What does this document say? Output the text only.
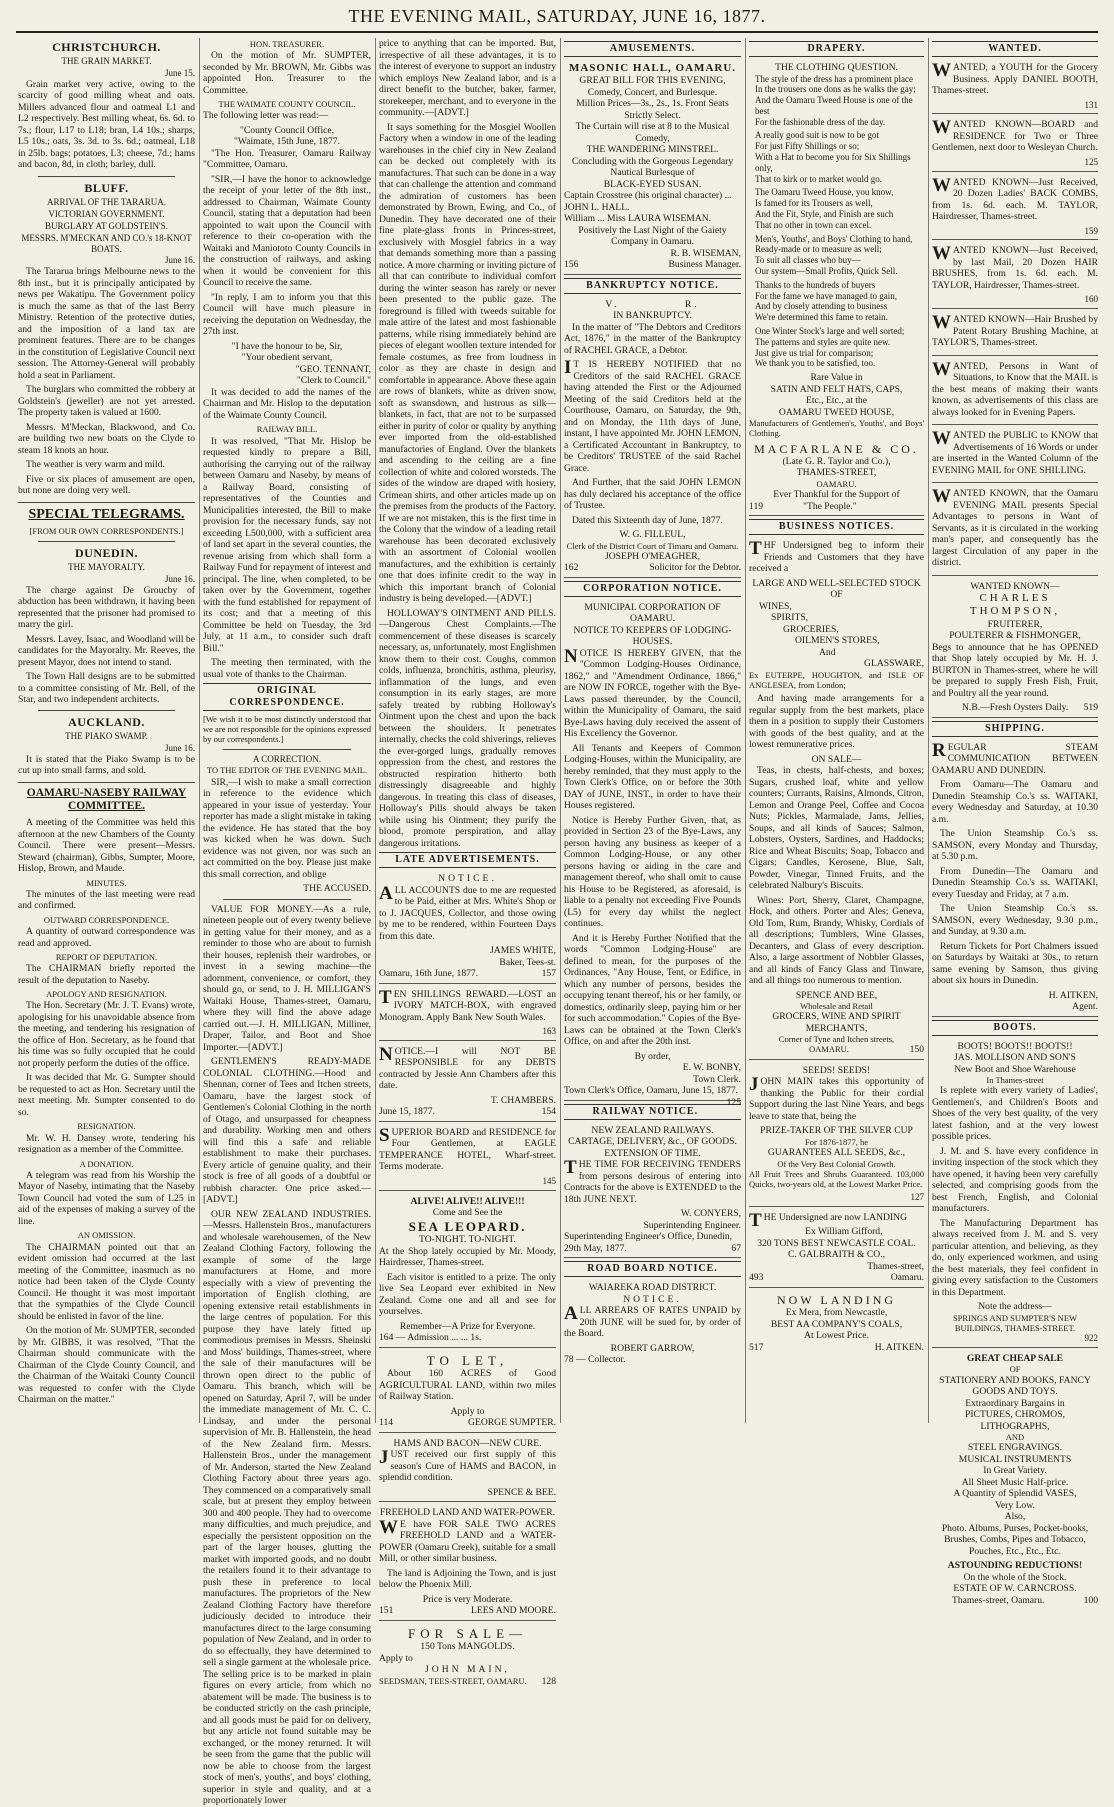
THE EVENING MAIL, SATURDAY, JUNE 16, 1877.
CHRISTCHURCH.
THE GRAIN MARKET.
June 15.

Grain market very active, owing to the scarcity of good milling wheat and oats. Millers advanced flour and oatmeal L1 and L2 respectively. Best milling wheat, 6s. 6d. to 7s.; flour, L17 to L18; bran, L4 10s.; sharps, L5 10s.; oats, 3s. 3d. to 3s. 6d.; oatmeal, L18 in 25lb. bags; potatoes, L3; cheese, 7d.; hams and bacon, 8d, in cloth; barley, dull.

BLUFF.
ARRIVAL OF THE TARARUA.
VICTORIAN GOVERNMENT.
BURGLARY AT GOLDSTEIN'S.
MESSRS. M'MECKAN AND CO.'s 18-KNOT BOATS.
June 16.

The Tararua brings Melbourne news to the 8th inst., but it is principally anticipated by news per Wakatipu. The Government policy is much the same as that of the last Berry Ministry. Retention of the protective duties, and the imposition of a land tax are prominent features. There are to be changes in the constitution of Legislative Council next session. The Attorney-General will probably hold a seat in Parliament.

The burglars who committed the robbery at Goldstein's (jeweller) are not yet arrested. The property taken is valued at 1600.

Messrs. M'Meckan, Blackwood, and Co. are building two new boats on the Clyde to steam 18 knots an hour.

The weather is very warm and mild.

Five or six places of amusement are open, but none are doing very well.

SPECIAL TELEGRAMS.
[FROM OUR OWN CORRESPONDENTS.]
DUNEDIN.
THE MAYORALTY.
June 16.

The charge against De Groucby of abduction has been withdrawn, it having been represented that the prisoner had promised to marry the girl.

Messrs. Lavey, Isaac, and Woodland will be candidates for the Mayoralty. Mr. Reeves, the present Mayor, does not intend to stand.

The Town Hall designs are to be submitted to a committee consisting of Mr. Bell, of the Star, and two independent architects.

AUCKLAND.
THE PIAKO SWAMP.
June 16.

It is stated that the Piako Swamp is to be cut up into small farms, and sold.

OAMARU-NASEBY RAILWAY COMMITTEE.

A meeting of the Committee was held this afternoon at the new Chambers of the County Council. There were present—Messrs. Steward (chairman), Gibbs, Sumpter, Moore, Hislop, Brown, and Maude.

MINUTES.

The minutes of the last meeting were read and confirmed.

OUTWARD CORRESPONDENCE.

A quantity of outward correspondence was read and approved.

REPORT OF DEPUTATION.

The CHAIRMAN briefly reported the result of the deputation to Naseby.

APOLOGY AND RESIGNATION.

The Hon. Secretary (Mr. J. T. Evans) wrote, apologising for his unavoidable absence from the meeting, and tendering his resignation of the office of Hon. Secretary, as he found that his time was so fully occupied that he could not properly perform the duties of the office.

It was decided that Mr. G. Sumpter should be requested to act as Hon. Secretary until the next meeting. Mr. Sumpter consented to do so.

RESIGNATION.

Mr. W. H. Dansey wrote, tendering his resignation as a member of the Committee.

A DONATION.

A telegram was read from his Worship the Mayor of Naseby, intimating that the Naseby Town Council had voted the sum of L25 in aid of the expenses of making a survey of the line.

AN OMISSION.

The CHAIRMAN pointed out that an evident omission had occurred at the last meeting of the Committee, inasmuch as no notice had been taken of the Clyde County Council. He thought it was most important that the sympathies of the Clyde Council should be enlisted in favor of the line.

On the motion of Mr. SUMPTER, seconded by Mr. GIBBS, it was resolved, "That the Chairman should communicate with the Chairman of the Clyde County Council, and the Chairman of the Waitaki County Council was requested to confer with the Clyde Chairman on the matter."

HON. TREASURER.

On the motion of Mr. SUMPTER, seconded by Mr. BROWN, Mr. Gibbs was appointed Hon. Treasurer to the Committee.

THE WAIMATE COUNTY COUNCIL.

The following letter was read:—

"County Council Office,
"Waimate, 15th June, 1877.

"The Hon. Treasurer, Oamaru Railway "Committee, Oamaru.

"SIR,—I have the honor to acknowledge the receipt of your letter of the 8th inst., addressed to Chairman, Waimate County Council, stating that a deputation had been appointed to wait upon the Council with reference to their co-operation with the Waitaki and Maniototo County Councils in the construction of railways, and asking when it would be convenient for this Council to receive the same.

"In reply, I am to inform you that this Council will have much pleasure in receiving the deputation on Wednesday, the 27th inst.

"I have the honour to be, Sir,
"Your obedient servant,
"GEO. TENNANT,
"Clerk to Council."

It was decided to add the names of the Chairman and Mr. Hislop to the deputation of the Waimate County Council.

RAILWAY BILL.

It was resolved, "That Mr. Hislop be requested kindly to prepare a Bill, authorising the carrying out of the railway between Oamaru and Naseby, by means of a Railway Board, consisting of representatives of the Counties and Municipalities interested, the Bill to make provision for the necessary funds, say not exceeding L500,000, with a sufficient area of land set apart in the several counties, the revenue arising from which shall form a Railway Fund for repayment of interest and principal. The line, when completed, to be taken over by the Government, together with the fund established for repayment of its cost; and that a meeting of this Committee be held on Tuesday, the 3rd July, at 11 a.m., to consider such draft Bill."

The meeting then terminated, with the usual vote of thanks to the Chairman.

ORIGINAL CORRESPONDENCE.

[We wish it to be most distinctly understood that we are not responsible for the opinions expressed by our correspondents.]

A CORRECTION.
TO THE EDITOR OF THE EVENING MAIL.

SIR,—I wish to make a small correction in reference to the evidence which appeared in your issue of yesterday. Your reporter has made a slight mistake in taking the evidence. He has stated that the boy was kicked when he was down. Such evidence was not given, nor was such an act committed on the boy. Please just make this small correction, and oblige

THE ACCUSED.

VALUE FOR MONEY.—As a rule, nineteen people out of every twenty believe in getting value for their money, and as a reminder to those who are about to furnish their houses, replenish their wardrobes, or invest in a sewing machine—the adornment, convenience, or comfort, they should go, or send, to J. H. MILLIGAN'S Waitaki House, Thames-street, Oamaru, where they will find the above adage carried out.—J. H. MILLIGAN, Milliner, Draper, Tailor, and Boot and Shoe Importer.—[ADVT.]

GENTLEMEN'S READY-MADE COLONIAL CLOTHING.—Hood and Shennan, corner of Tees and Itchen streets, Oamaru, have the largest stock of Gentlemen's Colonial Clothing in the north of Otago, and unsurpassed for cheapness and durability. Working men and others will find this a safe and reliable establishment to make their purchases. Every article of genuine quality, and their stock is free of all goods of a doubtful or rubbish character. One price asked.—[ADVT.]

OUR NEW ZEALAND INDUSTRIES.—Messrs. Hallenstein Bros., manufacturers and wholesale warehousemen, of the New Zealand Clothing Factory, following the example of some of the large manufacturers at Home, and more especially with a view of preventing the importation of English clothing, are opening extensive retail establishments in the large centres of population. For this purpose they have lately fitted up commodious premises in Messrs. Sheinski and Moss' buildings, Thames-street, where the sale of their manufactures will be thrown open direct to the public of Oamaru. This branch, which will be opened on Saturday, April 7, will be under the immediate management of Mr. C. C. Lindsay, and under the personal supervision of Mr. B. Hallenstein, the head of the New Zealand firm. Messrs. Hallenstein Bros., under the management of Mr. Anderson, started the New Zealand Clothing Factory about three years ago. They commenced on a comparatively small scale, but at present they employ between 300 and 400 people. They had to overcome many difficulties, and much prejudice, and especially the persistent opposition on the part of the larger houses, glutting the market with imported goods, and no doubt the retailers found it to their advantage to push these in preference to local manufactures. The proprietors of the New Zealand Clothing Factory have therefore judiciously decided to introduce their manufactures direct to the large consuming population of New Zealand, and in order to do so effectually, they have determined to sell a single garment at the wholesale price. The selling price is to be marked in plain figures on every article, from which no abatement will be made. The business is to be conducted strictly on the cash principle, and all goods must be paid for on delivery, but any article not found suitable may be exchanged, or the money returned. It will be seen from the game that the public will now be able to choose from the largest stock of men's, youths', and boys' clothing, superior in style and quality, and at a proportionately lower

price to anything that can be imported. But, irrespective of all these advantages, it is to the interest of everyone to support an industry which employs New Zealand labor, and is a direct benefit to the butcher, baker, farmer, storekeeper, merchant, and to everyone in the community.—[ADVT.]

It says something for the Mosgiel Woollen Factory when a window in one of the leading warehouses in the chief city in New Zealand can be decked out completely with its manufactures. That such can be done in a way that can challenge the attention and command the admiration of customers has been demonstrated by Brown, Ewing, and Co., of Dunedin. They have decorated one of their fine plate-glass fronts in Princes-street, exclusively with Mosgiel fabrics in a way that demands something more than a passing notice. A more charming or inviting picture of all that can contribute to individual comfort during the winter season has rarely or never been presented to the public gaze. The foreground is filled with tweeds suitable for male attire of the latest and most fashionable patterns, while rising immediately behind are pieces of elegant woollen texture intended for female costumes, as free from loudness in color as they are chaste in design and comfortable in appearance. Above these again are rows of blankets, white as driven snow, soft as swansdown, and lustrous as silk—blankets, in fact, that are not to be surpassed either in purity of color or quality by anything ever imported from the old-established manufactories of England. Over the blankets and ascending to the ceiling are a fine collection of white and colored worsteds. The sides of the window are draped with hosiery, Crimean shirts, and other articles made up on the premises from the products of the Factory. If we are not mistaken, this is the first time in the Colony that the window of a leading retail warehouse has been decorated exclusively with an assortment of Colonial woollen manufactures, and the exhibition is certainly one that does infinite credit to the way in which this important branch of Colonial industry is being developed.—[ADVT.]

HOLLOWAY'S OINTMENT AND PILLS.—Dangerous Chest Complaints.—The commencement of these diseases is scarcely necessary, as, unfortunately, most Englishmen know them to their cost. Coughs, common colds, influenza, bronchitis, asthma, pleurisy, inflammation of the lungs, and even consumption in its early stages, are more safely treated by rubbing Holloway's Ointment upon the chest and upon the back between the shoulders. It penetrates internally, checks the cold shiverings, relieves the ever-gorged lungs, gradually removes oppression from the chest, and restores the obstructed respiration hitherto both distressingly disagreeable and highly dangerous. In treating this class of diseases, Holloway's Pills should always be taken while using his Ointment; they purify the blood, promote perspiration, and allay dangerous irritations.

LATE ADVERTISEMENTS.
NOTICE.

ALL ACCOUNTS due to me are requested to be Paid, either at Mrs. White's Shop or to J. JACQUES, Collector, and those owing by me to be rendered, within Fourteen Days from this date.

JAMES WHITE,
Baker, Tees-st.
Oamaru, 16th June, 1877.	157

TEN SHILLINGS REWARD.—LOST an IVORY MATCH-BOX, with engraved Monogram. Apply Bank New South Wales.

163

NOTICE.—I will NOT BE RESPONSIBLE for any DEBTS contracted by Jessie Ann Chambers after this date.

T. CHAMBERS.
June 15, 1877.	154

SUPERIOR BOARD and RESIDENCE for Four Gentlemen, at EAGLE TEMPERANCE HOTEL, Wharf-street. Terms moderate.

145
ALIVE! ALIVE!! ALIVE!!!
Come and See the
SEA LEOPARD.
TO-NIGHT. TO-NIGHT.

At the Shop lately occupied by Mr. Moody, Hairdresser, Thames-street.

Each visitor is entitled to a prize. The only live Sea Leopard ever exhibited in New Zealand. Come one and all and see for yourselves.

Remember—A Prize for Everyone.
164 — Admission ... ... 1s.
TO LET,

About 160 ACRES of Good AGRICULTURAL LAND, within two miles of Railway Station.

Apply to
114	GEORGE SUMPTER.
HAMS AND BACON—NEW CURE.

JUST received our first supply of this season's Cure of HAMS and BACON, in splendid condition.

SPENCE & BEE.
FREEHOLD LAND AND WATER-POWER.

WE have FOR SALE TWO ACRES FREEHOLD LAND and a WATER-POWER (Oamaru Creek), suitable for a small Mill, or other similar business.

The land is Adjoining the Town, and is just below the Phoenix Mill.

Price is very Moderate.
151	LEES AND MOORE.
FOR SALE—
150 Tons MANGOLDS.
Apply to
JOHN MAIN,
SEEDSMAN, TEES-STREET, OAMARU. 128
AMUSEMENTS.
MASONIC HALL, OAMARU.
GREAT BILL FOR THIS EVENING,
Comedy, Concert, and Burlesque.
Million Prices—3s., 2s., 1s. Front Seats Strictly Select.
The Curtain will rise at 8 to the Musical Comedy,
THE WANDERING MINSTREL.
Concluding with the Gorgeous Legendary Nautical Burlesque of
BLACK-EYED SUSAN.
Captain Crosstree (his original character) ... JOHN L. HALL.
William ... Miss LAURA WISEMAN.
Positively the Last Night of the Gaiety Company in Oamaru.
R. B. WISEMAN,
156	Business Manager.
BANKRUPTCY NOTICE.
V. R.
IN BANKRUPTCY.

In the matter of "The Debtors and Creditors Act, 1876," in the matter of the Bankruptcy of RACHEL GRACE, a Debtor.

IT IS HEREBY NOTIFIED that no Creditors of the said RACHEL GRACE having attended the First or the Adjourned Meeting of the said Creditors held at the Courthouse, Oamaru, on Saturday, the 9th, and on Monday, the 11th days of June, instant, I have appointed Mr. JOHN LEMON, a Certificated Accountant in Bankruptcy, to be Creditors' TRUSTEE of the said Rachel Grace.

And Further, that the said JOHN LEMON has duly declared his acceptance of the office of Trustee.

Dated this Sixteenth day of June, 1877.

W. G. FILLEUL,
Clerk of the District Court of Timaru and Oamaru.
JOSEPH O'MEAGHER,
162	Solicitor for the Debtor.
CORPORATION NOTICE.
MUNICIPAL CORPORATION OF OAMARU.
NOTICE TO KEEPERS OF LODGING-HOUSES.

NOTICE IS HEREBY GIVEN, that the "Common Lodging-Houses Ordinance, 1862," and "Amendment Ordinance, 1866," are NOW IN FORCE, together with the Bye-Laws passed thereunder, by the Council, within the Municipality of Oamaru, the said Bye-Laws having duly received the assent of His Excellency the Governor.

All Tenants and Keepers of Common Lodging-Houses, within the Municipality, are hereby reminded, that they must apply to the Town Clerk's Office, on or before the 30th DAY of JUNE, INST., in order to have their Houses registered.

Notice is Hereby Further Given, that, as provided in Section 23 of the Bye-Laws, any person having any business as keeper of a Common Lodging-House, or any other persons having or aiding in the care and management thereof, who shall omit to cause his House to be Registered, as aforesaid, is liable to a penalty not exceeding Five Pounds (L5) for every day whilst the neglect continues.

And it is Hereby Further Notified that the words "Common Lodging-House" are defined to mean, for the purposes of the Ordinances, "Any House, Tent, or Edifice, in which any number of persons, besides the occupying tenant thereof, his or her family, or domestics, ordinarily sleep, paying him or her for such accommodation." Copies of the Bye-Laws can be obtained at the Town Clerk's Office, on and after the 20th inst.

By order,
E. W. BONBY,
Town Clerk.
Town Clerk's Office, Oamaru, June 15, 1877.
125
RAILWAY NOTICE.
NEW ZEALAND RAILWAYS.
CARTAGE, DELIVERY, &c., OF GOODS.
EXTENSION OF TIME.

THE TIME FOR RECEIVING TENDERS from persons desirous of entering into Contracts for the above is EXTENDED to the 18th JUNE NEXT.

W. CONYERS,
Superintending Engineer.
Superintending Engineer's Office, Dunedin, 29th May, 1877.	67
ROAD BOARD NOTICE.
WAIAREKA ROAD DISTRICT.
NOTICE.

ALL ARREARS OF RATES UNPAID by 20th JUNE will be sued for, by order of the Board.

ROBERT GARROW,
78 — Collector.
DRAPERY.
THE CLOTHING QUESTION.
The style of the dress has a prominent place
In the trousers one dons as he walks the gay;
And the Oamaru Tweed House is one of the best
For the fashionable dress of the day.
A really good suit is now to be got
For just Fifty Shillings or so;
With a Hat to become you for Six Shillings only,
That to kirk or to market would go.
The Oamaru Tweed House, you know,
Is famed for its Trousers as well,
And the Fit, Style, and Finish are such
That no other in town can excel.
Men's, Youths', and Boys' Clothing to hand,
Ready-made or to measure as well;
To suit all classes who buy—
Our system—Small Profits, Quick Sell.
Thanks to the hundreds of buyers
For the fame we have managed to gain,
And by closely attending to business
We're determined this fame to retain.
One Winter Stock's large and well sorted;
The patterns and styles are quite new.
Just give us trial for comparison;
We thank you to be satisfied, too.
Rare Value in
SATIN AND FELT HATS, CAPS,
Etc., Etc., at the
OAMARU TWEED HOUSE,

Manufacturers of Gentlemen's, Youths', and Boys' Clothing.

MACFARLANE & CO.
(Late G. R. Taylor and Co.),
THAMES-STREET,
OAMARU.
Ever Thankful for the Support of
119	"The People."
BUSINESS NOTICES.

THF Undersigned beg to inform their Friends and Customers that they have received a

LARGE AND WELL-SELECTED STOCK OF
WINES,
SPIRITS,
GROCERIES,
OILMEN'S STORES,
And
GLASSWARE,

Ex EUTERPE, HOUGHTON, and ISLE OF ANGLESEA, from London;

And having made arrangements for a regular supply from the best markets, place them in a position to supply their Customers with goods of the best quality, and at the lowest remunerative prices.

ON SALE—

Teas, in chests, half-chests, and boxes; Sugars, crushed loaf, white and yellow counters; Currants, Raisins, Almonds, Citron, Lemon and Orange Peel, Coffee and Cocoa Nuts; Pickles, Marmalade, Jams, Jellies, Soups, and all kinds of Sauces; Salmon, Lobsters, Oysters, Sardines, and Haddocks; Rice and Wheat Biscuits; Soap, Tobacco and Cigars; Candles, Kerosene, Blue, Salt, Powder, Vinegar, Tinned Fruits, and the celebrated Nalbury's Biscuits.

Wines: Port, Sherry, Claret, Champagne, Hock, and others. Porter and Ales; Geneva, Old Tom, Rum, Brandy, Whisky, Cordials of all descriptions; Tumblers, Wine Glasses, Decanters, and Glass of every description. Also, a large assortment of Nobbler Glasses, and all kinds of Fancy Glass and Tinware, and all things too numerous to mention.

SPENCE AND BEE,
Wholesale and Retail
GROCERS, WINE AND SPIRIT MERCHANTS,
Corner of Tyne and Itchen streets,
OAMARU.	150
SEEDS! SEEDS!

JOHN MAIN takes this opportunity of thanking the Public for their cordial Support during the last Nine Years, and begs leave to state that, being the

PRIZE-TAKER OF THE SILVER CUP
For 1876-1877, he
GUARANTEES ALL SEEDS, &c.,
Of the Very Best Colonial Growth.

All Fruit Trees and Shrubs Guaranteed. 103,000 Quicks, two-years old, at the Lowest Market Price.

127

THE Undersigned are now LANDING

Ex William Gifford,
320 TONS BEST NEWCASTLE COAL.
C. GALBRAITH & CO.,
Thames-street,
493	Oamaru.
NOW LANDING
Ex Mera, from Newcastle,
BEST AA COMPANY'S COALS,
At Lowest Price.
517	H. AITKEN.
WANTED.

WANTED, a YOUTH for the Grocery Business. Apply DANIEL BOOTH, Thames-street.

131

WANTED KNOWN—BOARD and RESIDENCE for Two or Three Gentlemen, next door to Wesleyan Church.

125

WANTED KNOWN—Just Received, 20 Dozen Ladies' BACK COMBS, from 1s. 6d. each. M. TAYLOR, Hairdresser, Thames-street.

159

WANTED KNOWN—Just Received, by last Mail, 20 Dozen HAIR BRUSHES, from 1s. 6d. each. M. TAYLOR, Hairdresser, Thames-street.

160

WANTED KNOWN—Hair Brushed by Patent Rotary Brushing Machine, at TAYLOR'S, Thames-street.

WANTED, Persons in Want of Situations, to Know that the MAIL is the best means of making their wants known, as advertisements of this class are always looked for in Evening Papers.

WANTED the PUBLIC to KNOW that Advertisements of 16 Words or under are inserted in the Wanted Column of the EVENING MAIL for ONE SHILLING.

WANTED KNOWN, that the Oamaru EVENING MAIL presents Special Advantages to persons in Want of Servants, as it is circulated in the working man's paper, and consequently has the largest Circulation of any paper in the district.

WANTED KNOWN—
CHARLES THOMPSON,
FRUITERER,
POULTERER & FISHMONGER,

Begs to announce that he has OPENED that Shop lately occupied by Mr. H. J. BURTON in Thames-street, where he will be prepared to supply Fresh Fish, Fruit, and Poultry all the year round.

N.B.—Fresh Oysters Daily. 519
SHIPPING.

REGULAR STEAM COMMUNICATION BETWEEN OAMARU AND DUNEDIN.

From Oamaru—The Oamaru and Dunedin Steamship Co.'s ss. WAITAKI, every Wednesday and Saturday, at 10.30 a.m.

The Union Steamship Co.'s ss. SAMSON, every Monday and Thursday, at 5.30 p.m.

From Dunedin—The Oamaru and Dunedin Steamship Co.'s ss. WAITAKI, every Tuesday and Friday, at 7 a.m.

The Union Steamship Co.'s ss. SAMSON, every Wednesday, 9.30 p.m., and Sunday, at 9.30 a.m.

Return Tickets for Port Chalmers issued on Saturdays by Waitaki at 30s., to return same evening by Samson, thus giving about six hours in Dunedin.

H. AITKEN,
Agent.
BOOTS.
BOOTS! BOOTS!! BOOTS!!
JAS. MOLLISON AND SON'S
New Boot and Shoe Warehouse
In Thames-street

Is replete with every variety of Ladies', Gentlemen's, and Children's Boots and Shoes of the very best quality, of the very latest fashion, and at the very lowest possible prices.

J. M. and S. have every confidence in inviting inspection of the stock which they have opened, it having been very carefully selected, and comprising goods from the best French, English, and Colonial manufacturers.

The Manufacturing Department has always received from J. M. and S. very particular attention, and believing, as they do, only experienced workmen, and using the best materials, they feel confident in giving every satisfaction to the Customers in this Department.

Note the address—
SPRINGS AND SUMPTER'S NEW BUILDINGS, THAMES-STREET.
922
GREAT CHEAP SALE
OF
STATIONERY AND BOOKS, FANCY GOODS AND TOYS.
Extraordinary Bargains in
PICTURES, CHROMOS, LITHOGRAPHS,
AND
STEEL ENGRAVINGS.
MUSICAL INSTRUMENTS
In Great Variety.
All Sheet Music Half-price.
A Quantity of Splendid VASES,
Very Low.
Also,

Photo. Albums, Purses, Pocket-books, Brushes, Combs, Pipes and Tobacco, Pouches, Etc., Etc., Etc.

ASTOUNDING REDUCTIONS!
On the whole of the Stock.
ESTATE OF W. CARNCROSS.
Thames-street, Oamaru.	100
